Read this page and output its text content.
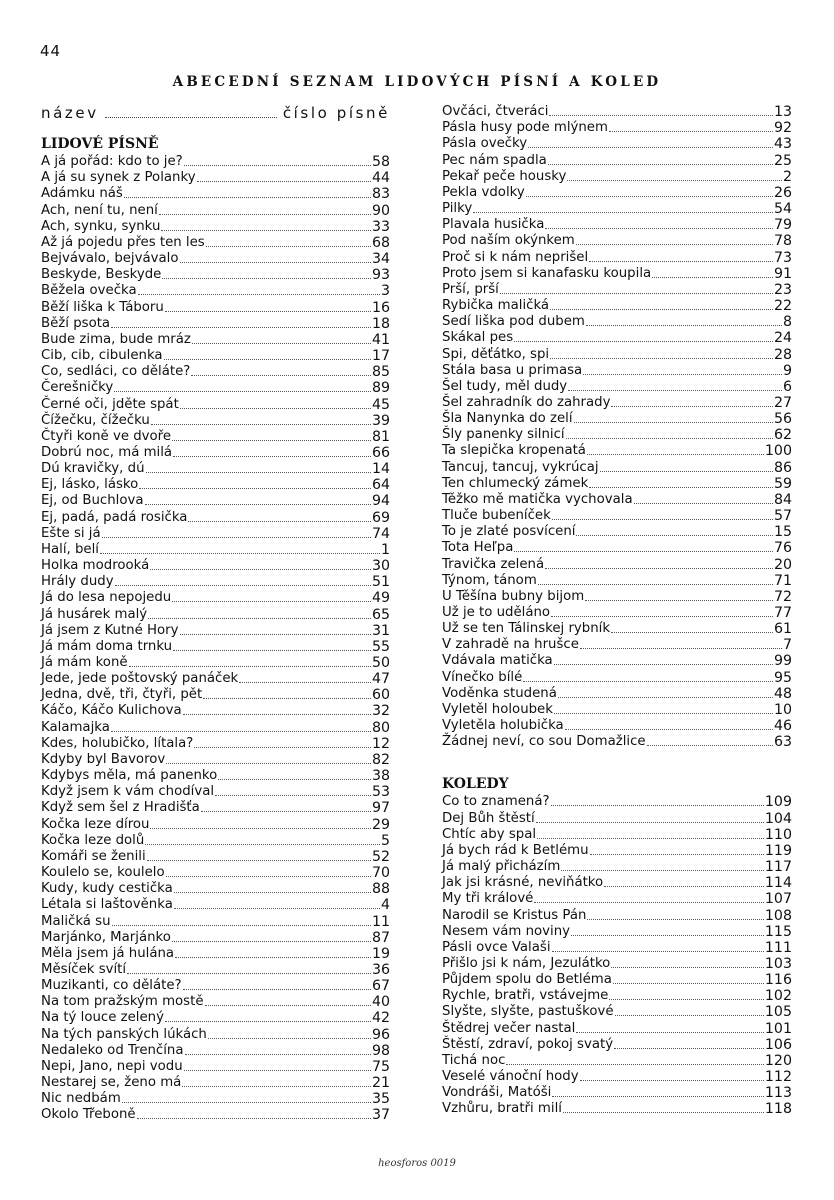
44
ABECEDNÍ SEZNAM LIDOVÝCH PÍSNÍ A KOLED
název	číslo písně
LIDOVÉ PÍSNĚ
A já pořád: kdo to je?	58
A já su synek z Polanky	44
Adámku náš	83
Ach, není tu, není	90
Ach, synku, synku	33
Až já pojedu přes ten les	68
Bejvávalo, bejvávalo	34
Beskyde, Beskyde	93
Běžela ovečka	3
Běží liška k Táboru	16
Běží psota	18
Bude zima, bude mráz	41
Cib, cib, cibulenka	17
Co, sedláci, co děláte?	85
Čerešničky	89
Černé oči, jděte spát	45
Čížečku, čížečku	39
Čtyři koně ve dvoře	81
Dobrú noc, má milá	66
Dú kravičky, dú	14
Ej, lásko, lásko	64
Ej, od Buchlova	94
Ej, padá, padá rosička	69
Ešte si já	74
Halí, belí	1
Holka modrooká	30
Hrály dudy	51
Já do lesa nepojedu	49
Já husárek malý	65
Já jsem z Kutné Hory	31
Já mám doma trnku	55
Já mám koně	50
Jede, jede poštovský panáček	47
Jedna, dvě, tři, čtyři, pět	60
Káčo, Káčo Kulichova	32
Kalamajka	80
Kdes, holubičko, lítala?	12
Kdyby byl Bavorov	82
Kdybys měla, má panenko	38
Když jsem k vám chodíval	53
Když sem šel z Hradišťa	97
Kočka leze dírou	29
Kočka leze dolů	5
Komáři se ženili	52
Koulelo se, koulelo	70
Kudy, kudy cestička	88
Létala si laštověnka	4
Maličká su	11
Marjánko, Marjánko	87
Měla jsem já hulána	19
Měsíček svítí	36
Muzikanti, co děláte?	67
Na tom pražským mostě	40
Na tý louce zelený	42
Na tých panských lúkách	96
Nedaleko od Trenčína	98
Nepi, Jano, nepi vodu	75
Nestarej se, ženo má	21
Nic nedbám	35
Okolo Třeboně	37
Ovčáci, čtveráci	13
Pásla husy pode mlýnem	92
Pásla ovečky	43
Pec nám spadla	25
Pekař peče housky	2
Pekla vdolky	26
Pilky	54
Plavala husička	79
Pod naším okýnkem	78
Proč si k nám neprišel	73
Proto jsem si kanafasku koupila	91
Prší, prší	23
Rybička maličká	22
Sedí liška pod dubem	8
Skákal pes	24
Spi, děťátko, spi	28
Stála basa u primasa	9
Šel tudy, měl dudy	6
Šel zahradník do zahrady	27
Šla Nanynka do zelí	56
Šly panenky silnicí	62
Ta slepička kropenatá	100
Tancuj, tancuj, vykrúcaj	86
Ten chlumecký zámek	59
Těžko mě matička vychovala	84
Tluče bubeníček	57
To je zlaté posvícení	15
Tota Heľpa	76
Travička zelená	20
Týnom, tánom	71
U Těšína bubny bijom	72
Už je to uděláno	77
Už se ten Tálinskej rybník	61
V zahradě na hrušce	7
Vdávala matička	99
Vínečko bílé	95
Voděnka studená	48
Vyletěl holoubek	10
Vyletěla holubička	46
Žádnej neví, co sou Domažlice	63
KOLEDY
Co to znamená?	109
Dej Bůh štěstí	104
Chtíc aby spal	110
Já bych rád k Betlému	119
Já malý přicházím	117
Jak jsi krásné, neviňátko	114
My tři králové	107
Narodil se Kristus Pán	108
Nesem vám noviny	115
Pásli ovce Valaši	111
Přišlo jsi k nám, Jezulátko	103
Půjdem spolu do Betléma	116
Rychle, bratři, vstávejme	102
Slyšte, slyšte, pastuškové	105
Štědrej večer nastal	101
Štěstí, zdraví, pokoj svatý	106
Tichá noc	120
Veselé vánoční hody	112
Vondráši, Matóši	113
Vzhůru, bratři milí	118
heosforos 0019
